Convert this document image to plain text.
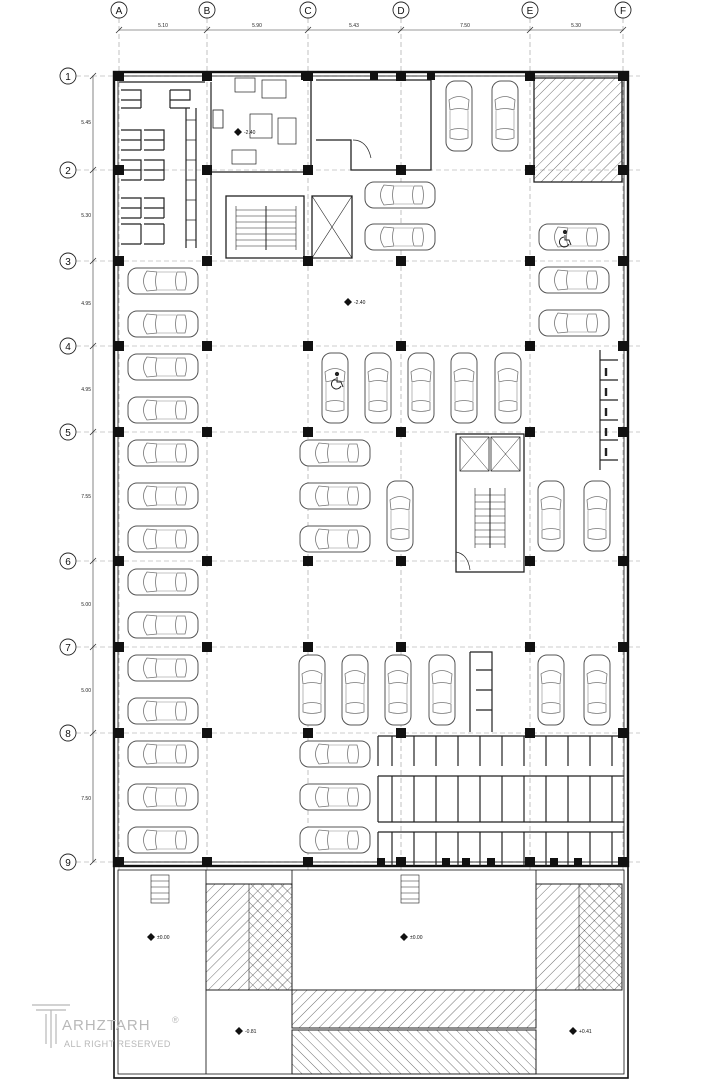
A	B	C	D	E	F
5.10	5.90	5.43	7.50	5.30
1
2
3
4
5
6
7
8
9
5.45
5.30
4.95
4.95
7.55
5.00
5.00
7.50
-2.40
-2.40
±0.00	±0.00
-0.81	+0.41
ARHZTARH
ALL RIGHT RESERVED
®
